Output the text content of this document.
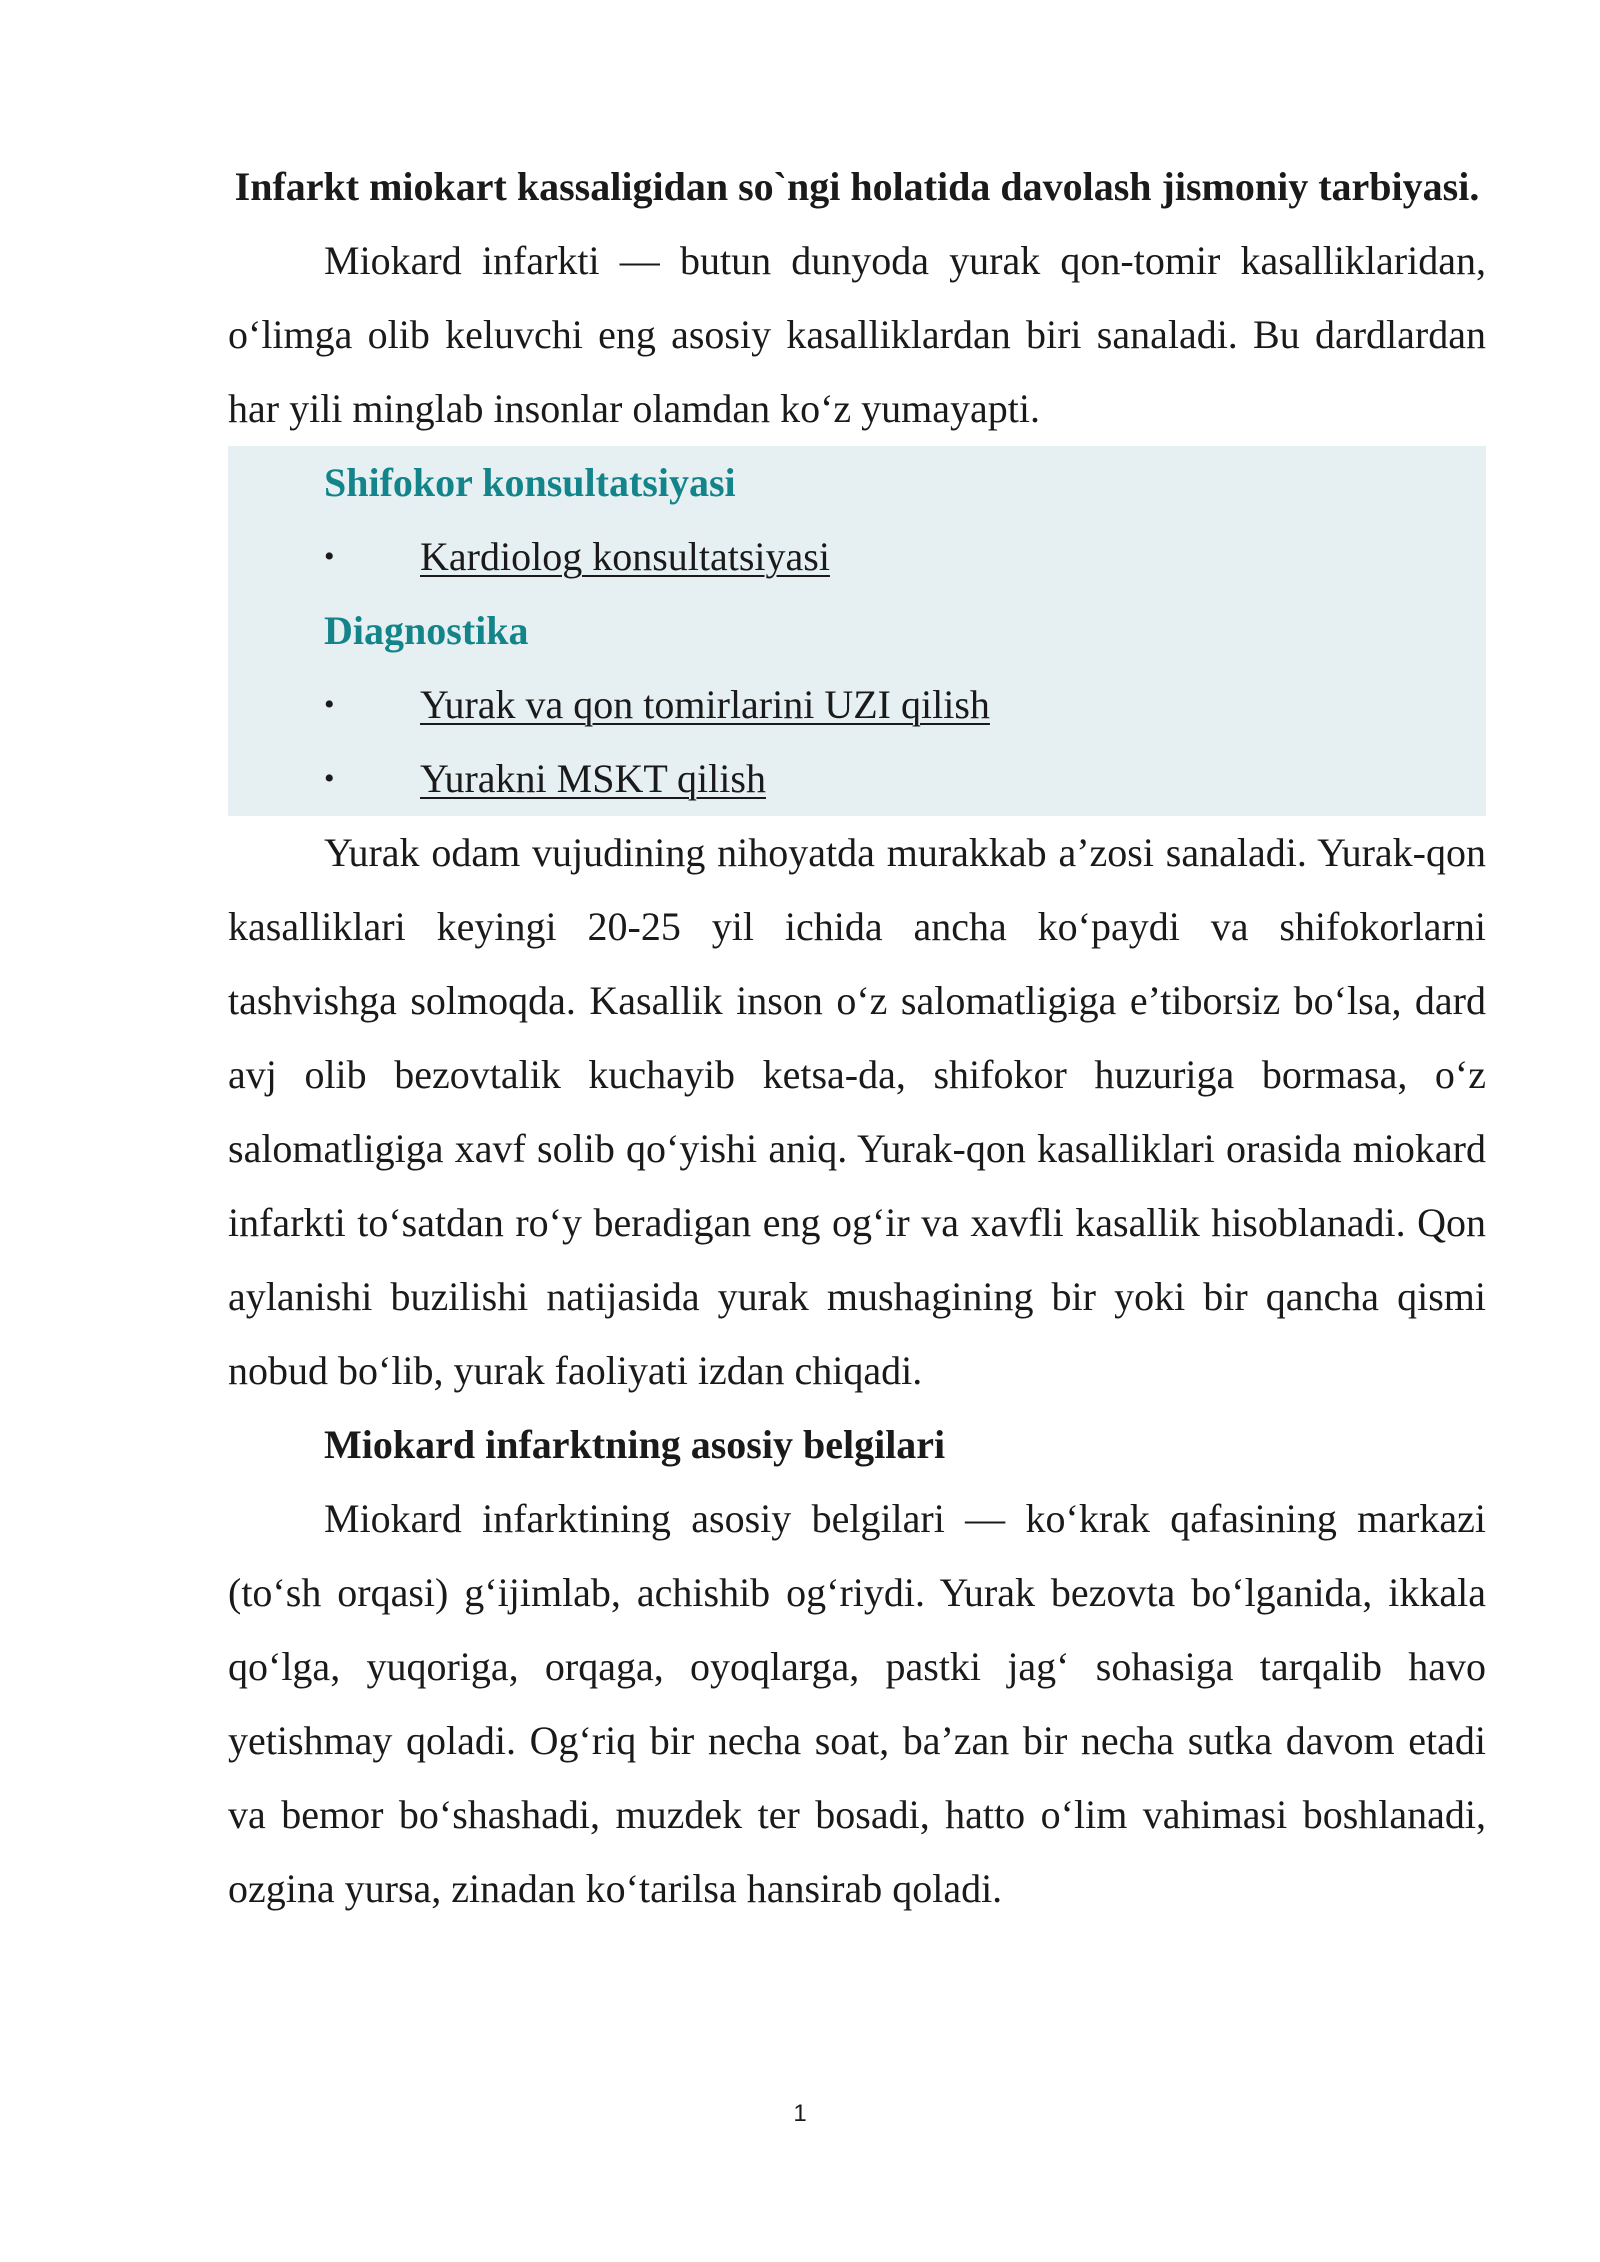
Infarkt miokart kassaligidan so`ngi holatida davolash jismoniy tarbiyasi.

Miokard infarkti — butun dunyoda yurak qon-tomir kasalliklaridan, oʻlimga olib keluvchi eng asosiy kasalliklardan biri sanaladi. Bu dardlardan har yili minglab insonlar olamdan koʻz yumayapti.

Shifokor konsultatsiyasi
• Kardiolog konsultatsiyasi
Diagnostika
• Yurak va qon tomirlarini UZI qilish
• Yurakni MSKT qilish

Yurak odam vujudining nihoyatda murakkab a’zosi sanaladi. Yurak-qon kasalliklari keyingi 20-25 yil ichida ancha koʻpaydi va shifokorlarni tashvishga solmoqda. Kasallik inson oʻz salomatligiga e’tiborsiz boʻlsa, dard avj olib bezovtalik kuchayib ketsa-da, shifokor huzuriga bormasa, oʻz salomatligiga xavf solib qoʻyishi aniq. Yurak-qon kasalliklari orasida miokard infarkti toʻsatdan roʻy beradigan eng ogʻir va xavfli kasallik hisoblanadi. Qon aylanishi buzilishi natijasida yurak mushagining bir yoki bir qancha qismi nobud boʻlib, yurak faoliyati izdan chiqadi.

Miokard infarktning asosiy belgilari

Miokard infarktining asosiy belgilari — koʻkrak qafasining markazi (toʻsh orqasi) gʻijimlab, achishib ogʻriydi. Yurak bezovta boʻlganida, ikkala qoʻlga, yuqoriga, orqaga, oyoqlarga, pastki jagʻ sohasiga tarqalib havo yetishmay qoladi. Ogʻriq bir necha soat, ba’zan bir necha sutka davom etadi va bemor boʻshashadi, muzdek ter bosadi, hatto oʻlim vahimasi boshlanadi, ozgina yursa, zinadan koʻtarilsa hansirab qoladi.

1
